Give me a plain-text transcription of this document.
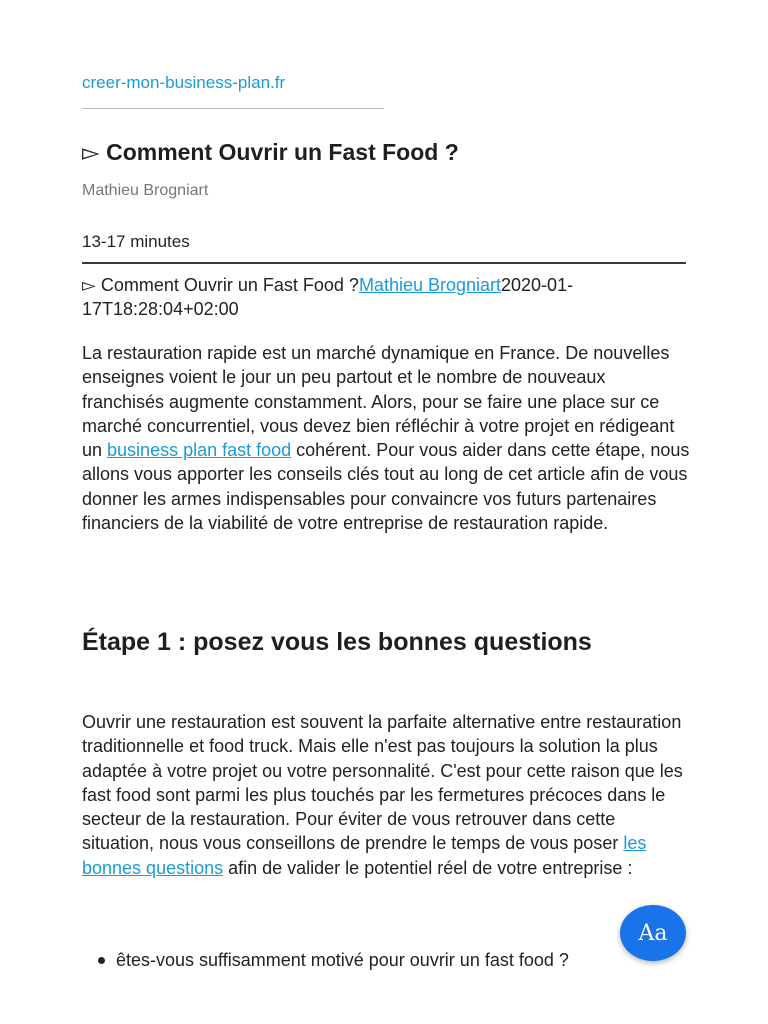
creer-mon-business-plan.fr
▻ Comment Ouvrir un Fast Food ?
Mathieu Brogniart
13-17 minutes
▻ Comment Ouvrir un Fast Food ?Mathieu Brogniart2020-01-17T18:28:04+02:00

La restauration rapide est un marché dynamique en France. De nouvelles enseignes voient le jour un peu partout et le nombre de nouveaux franchisés augmente constamment. Alors, pour se faire une place sur ce marché concurrentiel, vous devez bien réfléchir à votre projet en rédigeant un business plan fast food cohérent. Pour vous aider dans cette étape, nous allons vous apporter les conseils clés tout au long de cet article afin de vous donner les armes indispensables pour convaincre vos futurs partenaires financiers de la viabilité de votre entreprise de restauration rapide.

Étape 1 : posez vous les bonnes questions

Ouvrir une restauration est souvent la parfaite alternative entre restauration traditionnelle et food truck. Mais elle n'est pas toujours la solution la plus adaptée à votre projet ou votre personnalité. C'est pour cette raison que les fast food sont parmi les plus touchés par les fermetures précoces dans le secteur de la restauration. Pour éviter de vous retrouver dans cette situation, nous vous conseillons de prendre le temps de vous poser les bonnes questions afin de valider le potentiel réel de votre entreprise :

êtes-vous suffisamment motivé pour ouvrir un fast food ?
Aa
